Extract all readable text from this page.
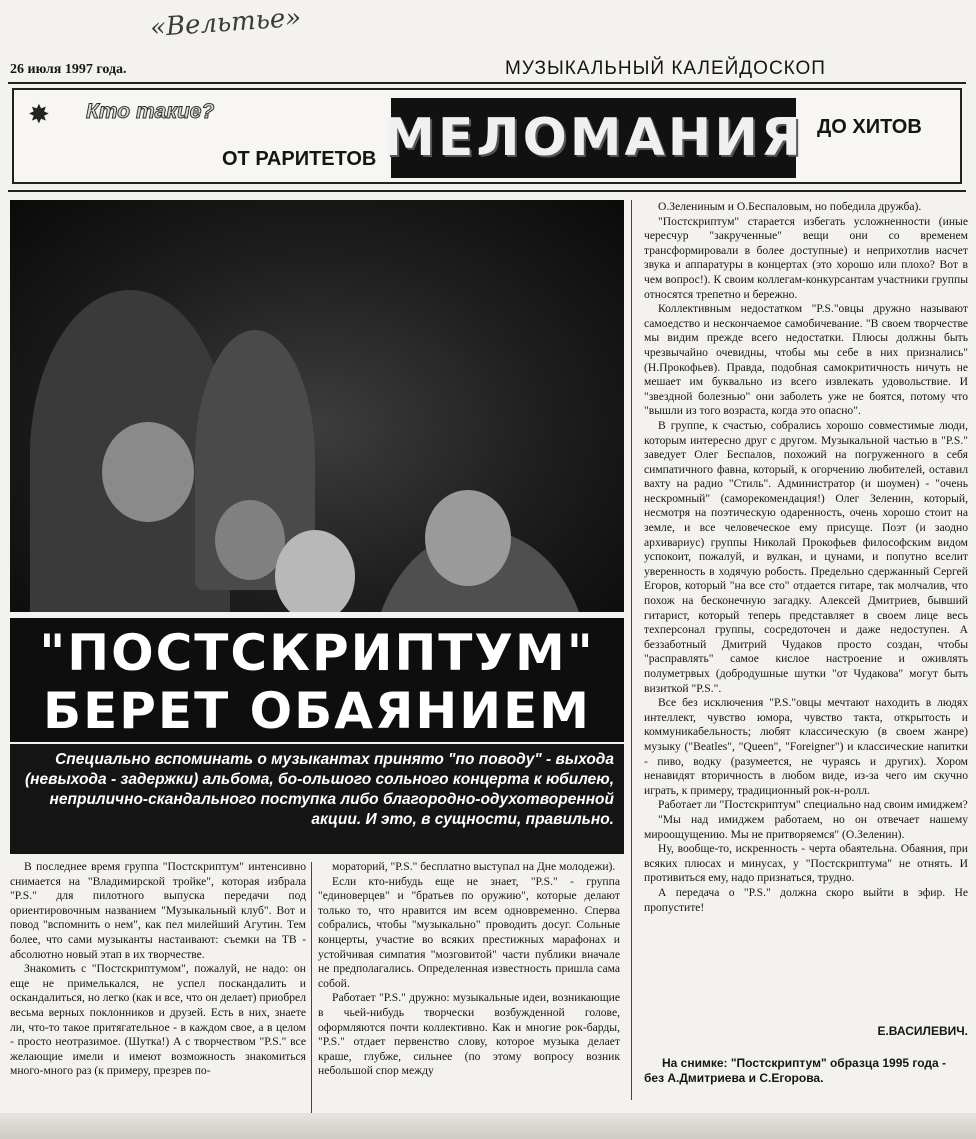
«Вельтье»
26 июля 1997 года.	МУЗЫКАЛЬНЫЙ КАЛЕЙДОСКОП
✸ Кто такие?
ОТ РАРИТЕТОВ МЕЛОМАНИЯ ДО ХИТОВ
"ПОСТСКРИПТУМ"
БЕРЕТ ОБАЯНИЕМ
Специально вспоминать о музыкантах принято "по поводу" - выхода (невыхода - задержки) альбома, бо-ольшого сольного концерта к юбилею, неприлично-скандального поступка либо благородно-одухотворенной акции. И это, в сущности, правильно.

В последнее время группа "Постскриптум" интенсивно снимается на "Владимирской тройке", которая избрала "P.S." для пилотного выпуска передачи под ориентировочным названием "Музыкальный клуб". Вот и повод "вспомнить о нем", как пел милейший Агутин. Тем более, что сами музыканты настаивают: съемки на ТВ - абсолютно новый этап в их творчестве.

Знакомить с "Постскриптумом", пожалуй, не надо: он еще не примелькался, не успел поскандалить и оскандалиться, но легко (как и все, что он делает) приобрел весьма верных поклонников и друзей. Есть в них, знаете ли, что-то такое притягательное - в каждом свое, а в целом - просто неотразимое. (Шутка!) А с творчеством "P.S." все желающие имели и имеют возможность знакомиться много-много раз (к примеру, презрев по-

мораторий, "P.S." бесплатно выступал на Дне молодежи).

Если кто-нибудь еще не знает, "P.S." - группа "единоверцев" и "братьев по оружию", которые делают только то, что нравится им всем одновременно. Сперва собрались, чтобы "музыкально" проводить досуг. Сольные концерты, участие во всяких престижных марафонах и устойчивая симпатия "мозговитой" части публики вначале не предполагались. Определенная известность пришла сама собой.

Работает "P.S." дружно: музыкальные идеи, возникающие в чьей-нибудь творчески возбужденной голове, оформляются почти коллективно. Как и многие рок-барды, "P.S." отдает первенство слову, которое музыка делает краше, глубже, сильнее (по этому вопросу возник небольшой спор между

О.Зелениным и О.Беспаловым, но победила дружба).

"Постскриптум" старается избегать усложненности (иные чересчур "закрученные" вещи они со временем трансформировали в более доступные) и неприхотлив насчет звука и аппаратуры в концертах (это хорошо или плохо? Вот в чем вопрос!). К своим коллегам-конкурсантам участники группы относятся трепетно и бережно.

Коллективным недостатком "P.S."овцы дружно называют самоедство и нескончаемое самобичевание. "В своем творчестве мы видим прежде всего недостатки. Плюсы должны быть чрезвычайно очевидны, чтобы мы себе в них признались" (Н.Прокофьев). Правда, подобная самокритичность ничуть не мешает им буквально из всего извлекать удовольствие. И "звездной болезнью" они заболеть уже не боятся, потому что "вышли из того возраста, когда это опасно".

В группе, к счастью, собрались хорошо совместимые люди, которым интересно друг с другом. Музыкальной частью в "P.S." заведует Олег Беспалов, похожий на погруженного в себя симпатичного фавна, который, к огорчению любителей, оставил вахту на радио "Стиль". Администратор (и шоумен) - "очень нескромный" (саморекомендация!) Олег Зеленин, который, несмотря на поэтическую одаренность, очень хорошо стоит на земле, и все человеческое ему присуще. Поэт (и заодно архивариус) группы Николай Прокофьев философским видом успокоит, пожалуй, и вулкан, и цунами, и попутно вселит уверенность в ходячую робость. Предельно сдержанный Сергей Егоров, который "на все сто" отдается гитаре, так молчалив, что похож на бесконечную загадку. Алексей Дмитриев, бывший гитарист, который теперь представляет в своем лице весь техперсонал группы, сосредоточен и даже недоступен. А беззаботный Дмитрий Чудаков просто создан, чтобы "расправлять" самое кислое настроение и оживлять полуметрвых (добродушные шутки "от Чудакова" могут быть визиткой "P.S.".

Все без исключения "P.S."овцы мечтают находить в людях интеллект, чувство юмора, чувство такта, открытость и коммуникабельность; любят классическую (в своем жанре) музыку ("Beatles", "Queen", "Foreigner") и классические напитки - пиво, водку (разумеется, не чураясь и других). Хором ненавидят вторичность в любом виде, из-за чего им скучно играть, к примеру, традиционный рок-н-ролл.

Работает ли "Постскриптум" специально над своим имиджем?

"Мы над имиджем работаем, но он отвечает нашему мироощущению. Мы не притворяемся" (О.Зеленин).

Ну, вообще-то, искренность - черта обаятельна. Обаяния, при всяких плюсах и минусах, у "Постскриптума" не отнять. И противиться ему, надо признаться, трудно.

А передача о "P.S." должна скоро выйти в эфир. Не пропустите!

Е.ВАСИЛЕВИЧ.
На снимке: "Постскриптум" образца 1995 года - без А.Дмитриева и С.Егорова.
